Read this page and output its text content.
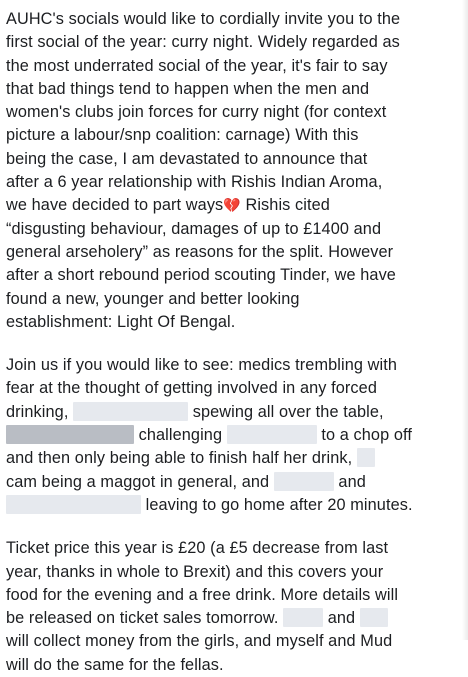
AUHC's socials would like to cordially invite you to the
first social of the year: curry night. Widely regarded as
the most underrated social of the year, it's fair to say
that bad things tend to happen when the men and
women's clubs join forces for curry night (for context
picture a labour/snp coalition: carnage) With this
being the case, I am devastated to announce that
after a 6 year relationship with Rishis Indian Aroma,
we have decided to part ways💔 Rishis cited
“disgusting behaviour, damages of up to £1400 and
general arseholery” as reasons for the split. However
after a short rebound period scouting Tinder, we have
found a new, younger and better looking
establishment: Light Of Bengal.
Join us if you would like to see: medics trembling with
fear at the thought of getting involved in any forced
drinking,	spewing all over the table,
challenging	to a chop off
and then only being able to finish half her drink,
cam being a maggot in general, and	and
leaving to go home after 20 minutes.
Ticket price this year is £20 (a £5 decrease from last
year, thanks in whole to Brexit) and this covers your
food for the evening and a free drink. More details will
be released on ticket sales tomorrow.	and
will collect money from the girls, and myself and Mud
will do the same for the fellas.
